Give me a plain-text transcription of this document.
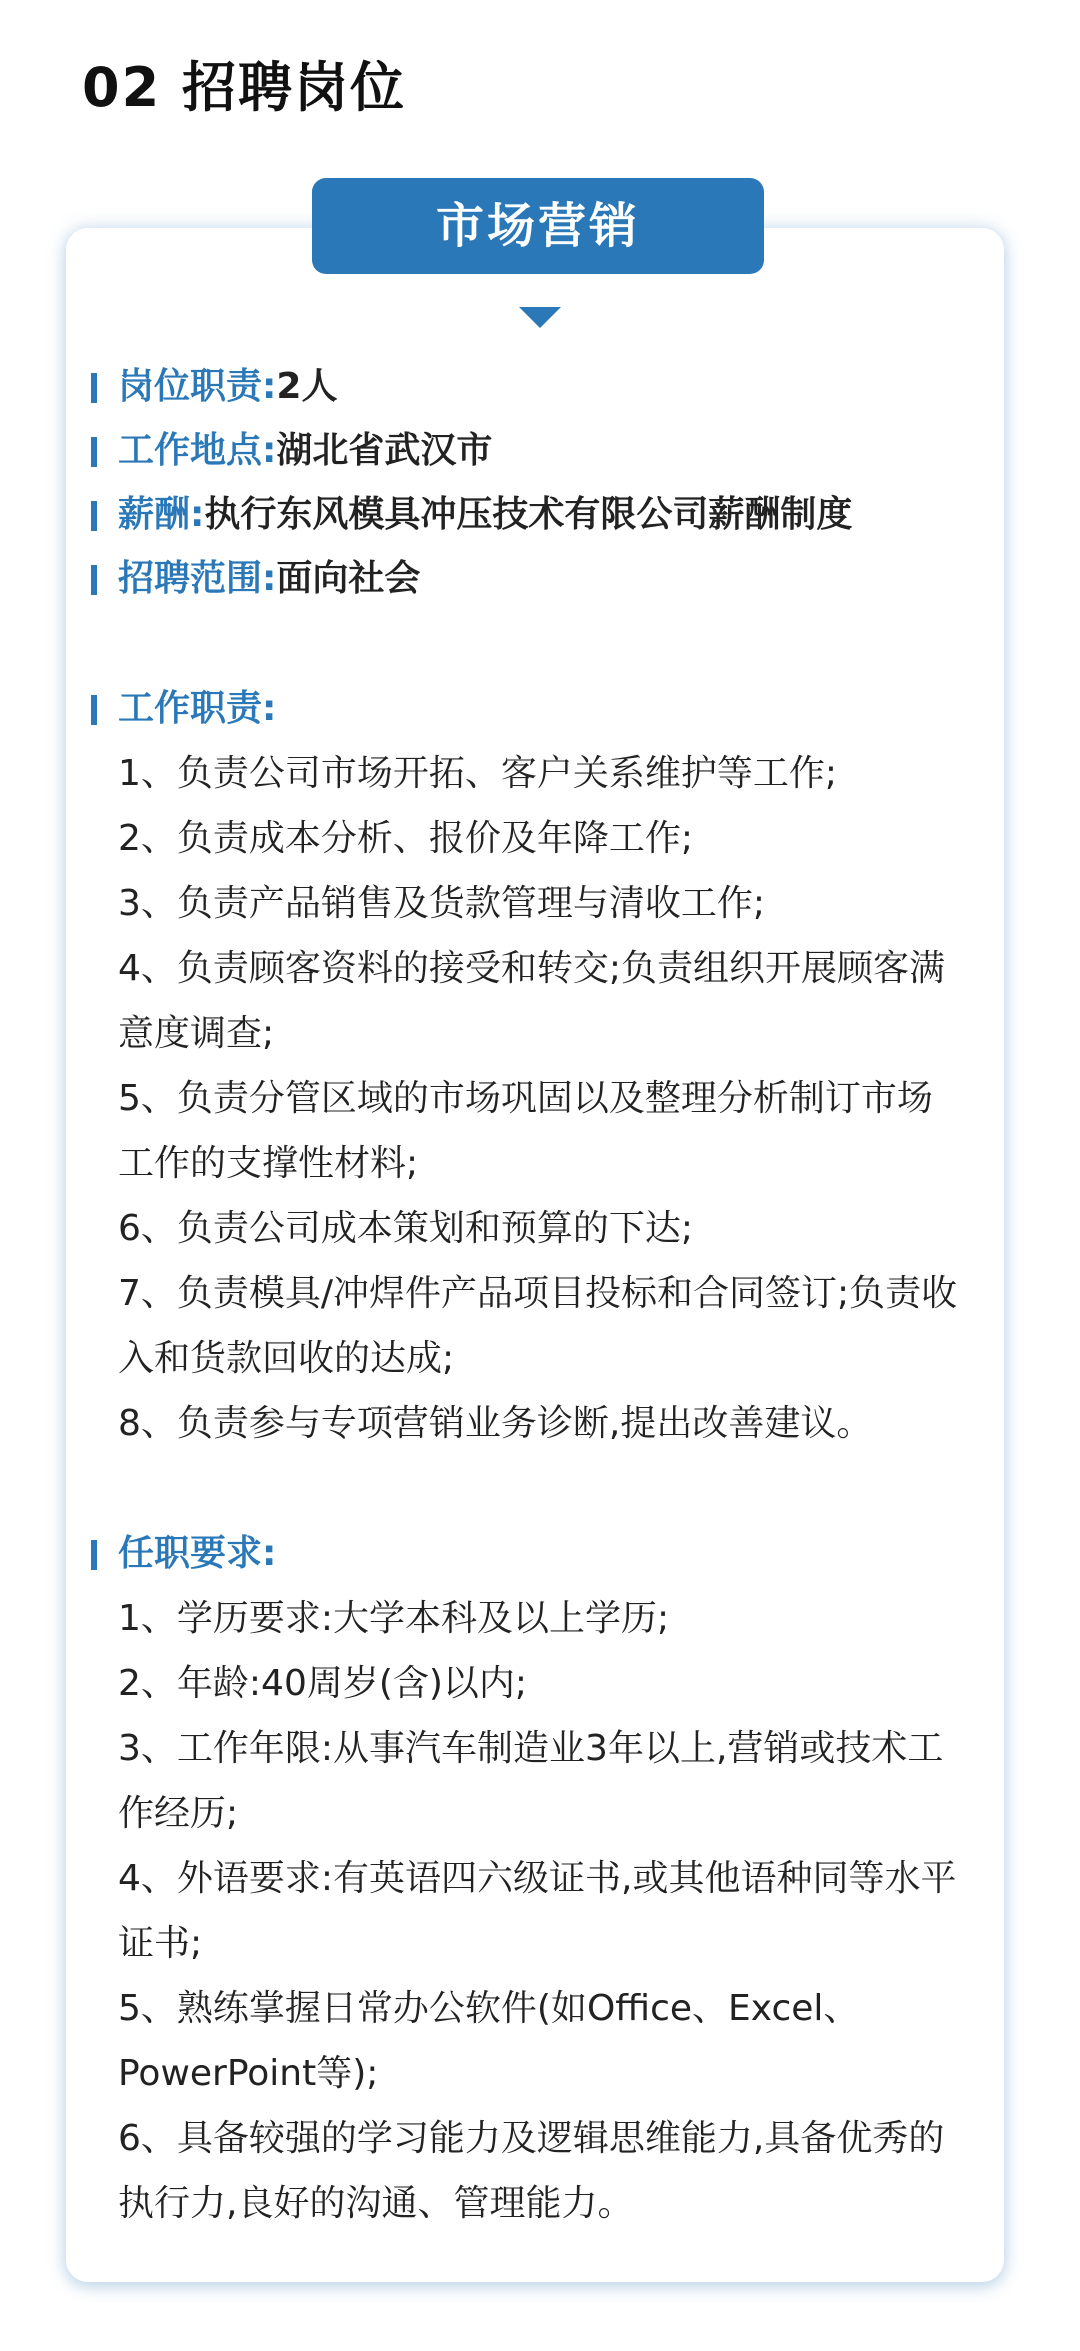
02 招聘岗位
市场营销
岗位职责:2人
工作地点:湖北省武汉市
薪酬:执行东风模具冲压技术有限公司薪酬制度
招聘范围:面向社会
工作职责:
1、负责公司市场开拓、客户关系维护等工作;
2、负责成本分析、报价及年降工作;
3、负责产品销售及货款管理与清收工作;
4、负责顾客资料的接受和转交;负责组织开展顾客满意度调查;
5、负责分管区域的市场巩固以及整理分析制订市场工作的支撑性材料;
6、负责公司成本策划和预算的下达;
7、负责模具/冲焊件产品项目投标和合同签订;负责收入和货款回收的达成;
8、负责参与专项营销业务诊断,提出改善建议。
任职要求:
1、学历要求:大学本科及以上学历;
2、年龄:40周岁(含)以内;
3、工作年限:从事汽车制造业3年以上,营销或技术工作经历;
4、外语要求:有英语四六级证书,或其他语种同等水平证书;
5、熟练掌握日常办公软件(如Office、Excel、PowerPoint等);
6、具备较强的学习能力及逻辑思维能力,具备优秀的执行力,良好的沟通、管理能力。
